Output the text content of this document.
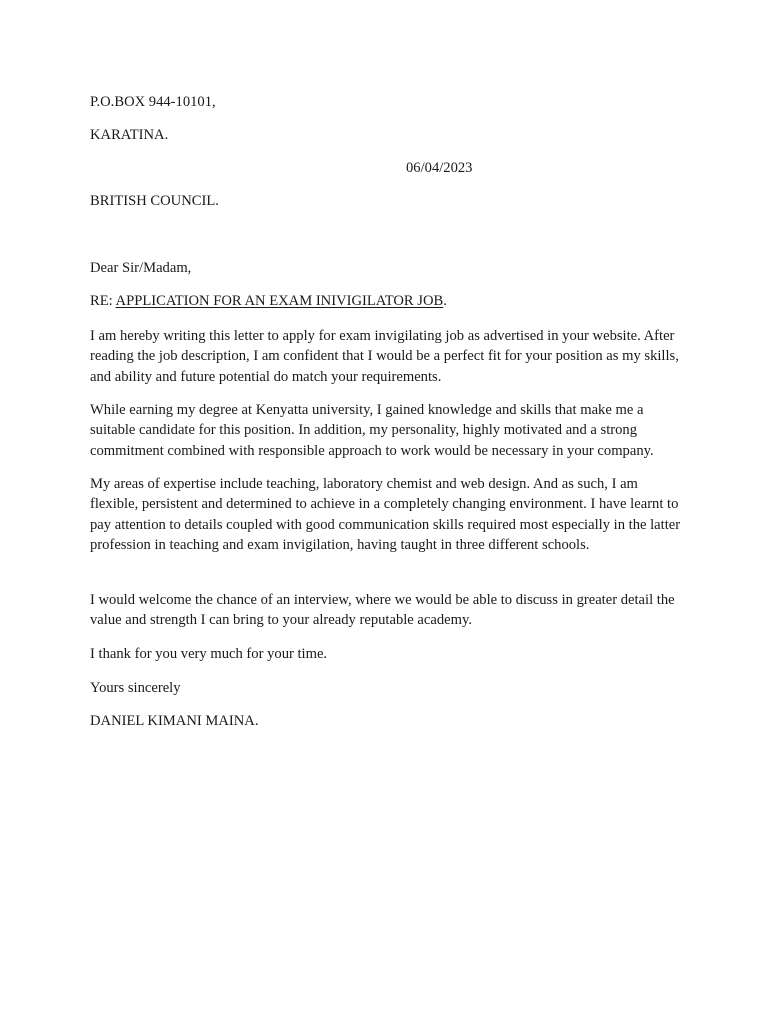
P.O.BOX 944-10101,

KARATINA.

06/04/2023

BRITISH COUNCIL.

Dear Sir/Madam,

RE: APPLICATION FOR AN EXAM INIVIGILATOR JOB.

I am hereby writing this letter to apply for exam invigilating job as advertised in your website. After reading the job description, I am confident that I would be a perfect fit for your position as my skills, and ability and future potential do match your requirements.

While earning my degree at Kenyatta university, I gained knowledge and skills that make me a suitable candidate for this position. In addition, my personality, highly motivated and a strong commitment combined with responsible approach to work would be necessary in your company.

My areas of expertise include teaching, laboratory chemist and web design. And as such, I am flexible, persistent and determined to achieve in a completely changing environment. I have learnt to pay attention to details coupled with good communication skills required most especially in the latter profession in teaching and exam invigilation, having taught in three different schools.

I would welcome the chance of an interview, where we would be able to discuss in greater detail the value and strength I can bring to your already reputable academy.

I thank for you very much for your time.

Yours sincerely

DANIEL KIMANI MAINA.
